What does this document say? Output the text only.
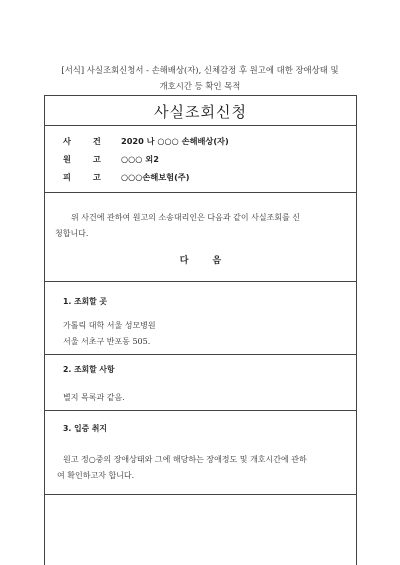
[서식] 사실조회신청서 - 손해배상(자), 신체감정 후 원고에 대한 장애상태 및
개호시간 등 확인 목적
사실조회신청
사 건 2020 나 ○○○ 손해배상(자)
원 고 ○○○ 외2
피 고 ○○○손해보험(주)
위 사건에 관하여 원고의 소송대리인은 다음과 같이 사실조회를 신
청합니다.
다	음
1. 조회할 곳
가톨릭 대학 서울 성모병원
서울 서초구 반포동 505.
2. 조회할 사항
별지 목록과 같음.
3. 입증 취지
원고 정○중의 장애상태와 그에 해당하는 장애정도 및 개호시간에 관하
여 확인하고자 합니다.
